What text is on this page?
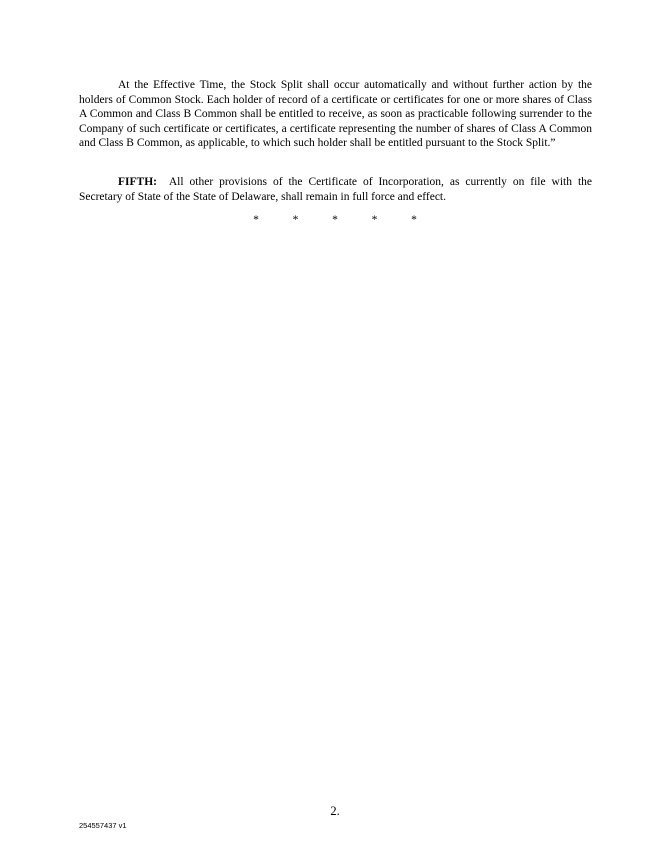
At the Effective Time, the Stock Split shall occur automatically and without further action by the holders of Common Stock. Each holder of record of a certificate or certificates for one or more shares of Class A Common and Class B Common shall be entitled to receive, as soon as practicable following surrender to the Company of such certificate or certificates, a certificate representing the number of shares of Class A Common and Class B Common, as applicable, to which such holder shall be entitled pursuant to the Stock Split.”

FIFTH: All other provisions of the Certificate of Incorporation, as currently on file with the Secretary of State of the State of Delaware, shall remain in full force and effect.

*	*	*	*	*
2.
254557437 v1
